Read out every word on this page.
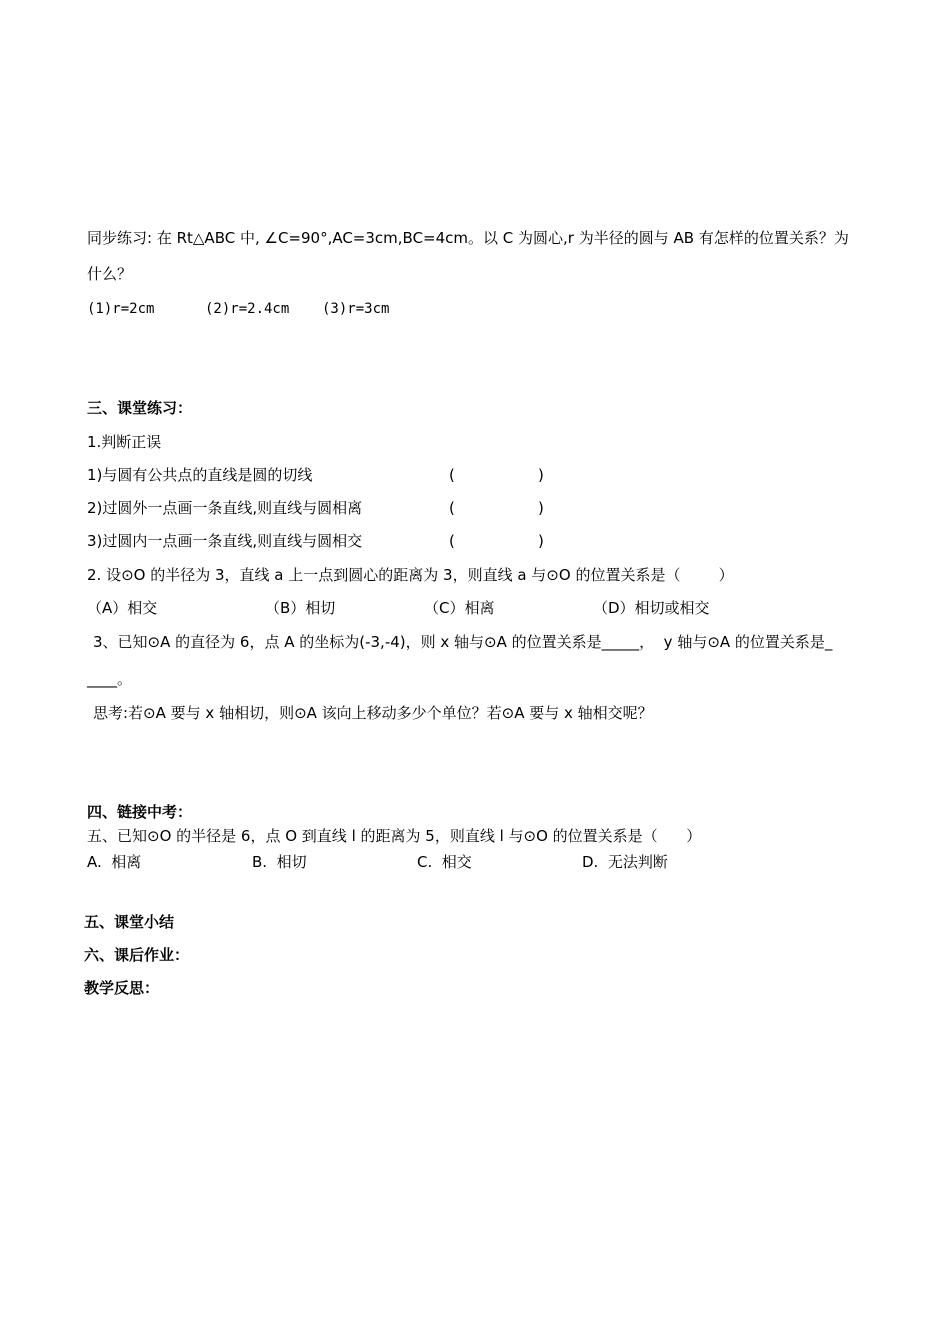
同步练习: 在 Rt△ABC 中, ∠C=90°,AC=3cm,BC=4cm。以 C 为圆心,r 为半径的圆与 AB 有怎样的位置关系？为
什么？
(1)r=2cm	(2)r=2.4cm (3)r=3cm
三、课堂练习：
1.判断正误
1)与圆有公共点的直线是圆的切线	(	)
2)过圆外一点画一条直线,则直线与圆相离	(	)
3)过圆内一点画一条直线,则直线与圆相交	(	)
2. 设⊙O 的半径为 3，直线 a 上一点到圆心的距离为 3，则直线 a 与⊙O 的位置关系是（        ）
（A）相交	（B）相切	（C）相离	（D）相切或相交
3、已知⊙A 的直径为 6，点 A 的坐标为(-3,-4)，则 x 轴与⊙A 的位置关系是_____，  y 轴与⊙A 的位置关系是_
____。
思考:若⊙A 要与 x 轴相切，则⊙A 该向上移动多少个单位？若⊙A 要与 x 轴相交呢？
四、链接中考：
五、已知⊙O 的半径是 6，点 O 到直线 l 的距离为 5，则直线 l 与⊙O 的位置关系是（      ）
A.  相离	B.  相切	C.  相交	D.  无法判断
五、课堂小结
六、课后作业：
教学反思：
